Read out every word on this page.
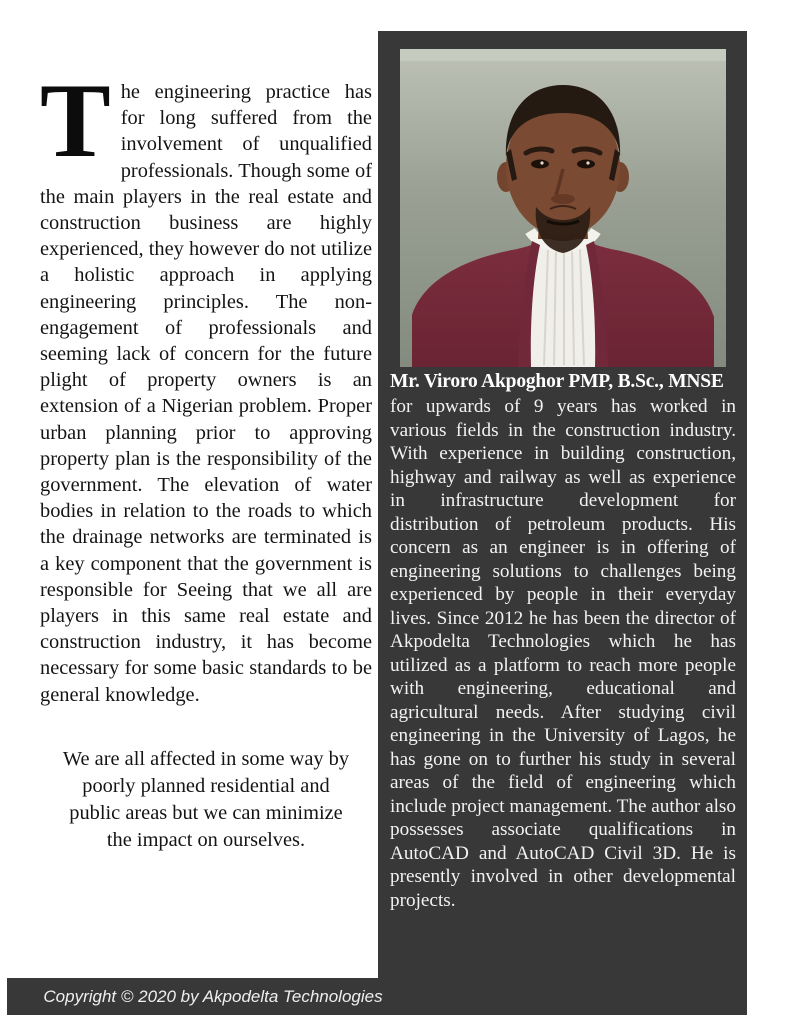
The engineering practice has for long suffered from the involvement of unqualified professionals. Though some of the main players in the real estate and construction business are highly experienced, they however do not utilize a holistic approach in applying engineering principles. The non-engagement of professionals and seeming lack of concern for the future plight of property owners is an extension of a Nigerian problem. Proper urban planning prior to approving property plan is the responsibility of the government. The elevation of water bodies in relation to the roads to which the drainage networks are terminated is a key component that the government is responsible for Seeing that we all are players in this same real estate and construction industry, it has become necessary for some basic standards to be general knowledge.

We are all affected in some way by poorly planned residential and public areas but we can minimize the impact on ourselves.

Mr. Viroro Akpoghor PMP, B.Sc., MNSE

for upwards of 9 years has worked in various fields in the construction industry. With experience in building construction, highway and railway as well as experience in infrastructure development for distribution of petroleum products. His concern as an engineer is in offering of engineering solutions to challenges being experienced by people in their everyday lives. Since 2012 he has been the director of Akpodelta Technologies which he has utilized as a platform to reach more people with engineering, educational and agricultural needs. After studying civil engineering in the University of Lagos, he has gone on to further his study in several areas of the field of engineering which include project management. The author also possesses associate qualifications in AutoCAD and AutoCAD Civil 3D. He is presently involved in other developmental projects.

Copyright © 2020 by Akpodelta Technologies
